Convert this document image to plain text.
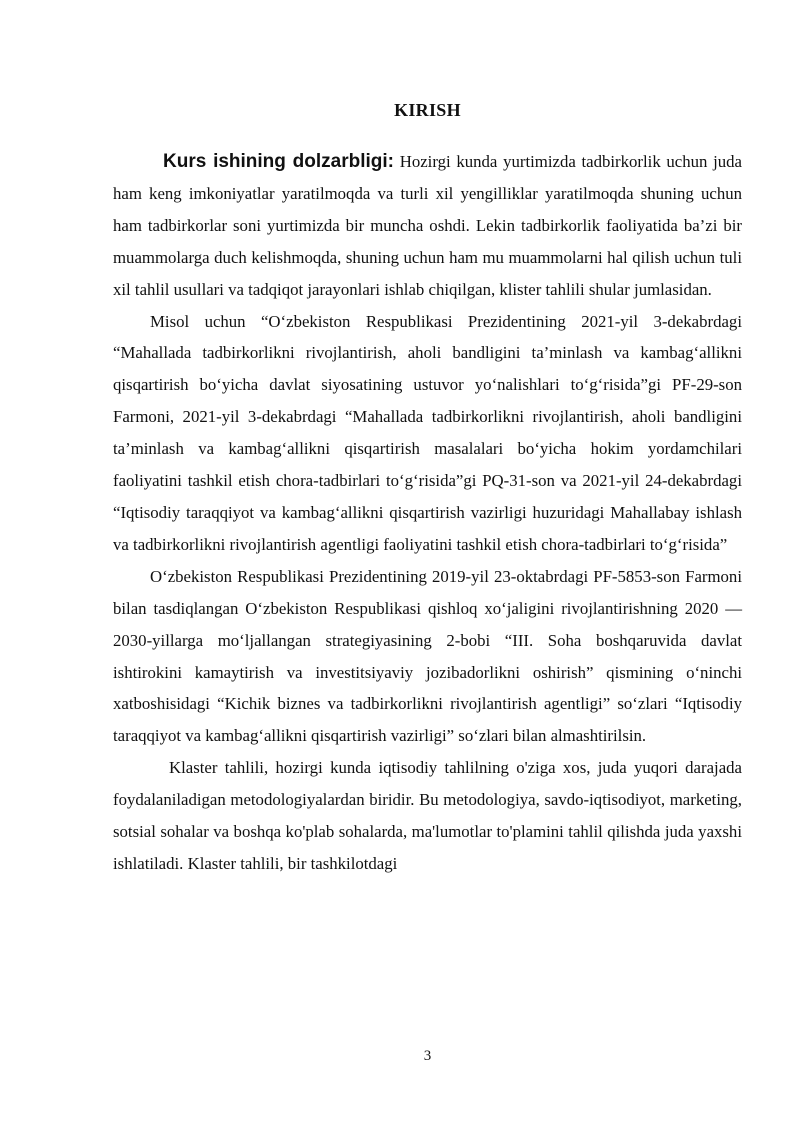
KIRISH

Kurs ishining dolzarbligi: Hozirgi kunda yurtimizda tadbirkorlik uchun juda ham keng imkoniyatlar yaratilmoqda va turli xil yengilliklar yaratilmoqda shuning uchun ham tadbirkorlar soni yurtimizda bir muncha oshdi. Lekin tadbirkorlik faoliyatida ba’zi bir muammolarga duch kelishmoqda, shuning uchun ham mu muammolarni hal qilish uchun tuli xil tahlil usullari va tadqiqot jarayonlari ishlab chiqilgan, klister tahlili shular jumlasidan.

Misol uchun “O‘zbekiston Respublikasi Prezidentining 2021-yil 3-dekabrdagi “Mahallada tadbirkorlikni rivojlantirish, aholi bandligini ta’minlash va kambag‘allikni qisqartirish bo‘yicha davlat siyosatining ustuvor yo‘nalishlari to‘g‘risida”gi PF-29-son Farmoni, 2021-yil 3-dekabrdagi “Mahallada tadbirkorlikni rivojlantirish, aholi bandligini ta’minlash va kambag‘allikni qisqartirish masalalari bo‘yicha hokim yordamchilari faoliyatini tashkil etish chora-tadbirlari to‘g‘risida”gi PQ-31-son va 2021-yil 24-dekabrdagi “Iqtisodiy taraqqiyot va kambag‘allikni qisqartirish vazirligi huzuridagi Mahallabay ishlash va tadbirkorlikni rivojlantirish agentligi faoliyatini tashkil etish chora-tadbirlari to‘g‘risida”

O‘zbekiston Respublikasi Prezidentining 2019-yil 23-oktabrdagi PF-5853-son Farmoni bilan tasdiqlangan O‘zbekiston Respublikasi qishloq xo‘jaligini rivojlantirishning 2020 — 2030-yillarga mo‘ljallangan strategiyasining 2-bobi “III. Soha boshqaruvida davlat ishtirokini kamaytirish va investitsiyaviy jozibadorlikni oshirish” qismining o‘ninchi xatboshisidagi “Kichik biznes va tadbirkorlikni rivojlantirish agentligi” so‘zlari “Iqtisodiy taraqqiyot va kambag‘allikni qisqartirish vazirligi” so‘zlari bilan almashtirilsin.

Klaster tahlili, hozirgi kunda iqtisodiy tahlilning o'ziga xos, juda yuqori darajada foydalaniladigan metodologiyalardan biridir. Bu metodologiya, savdo-iqtisodiyot, marketing, sotsial sohalar va boshqa ko'plab sohalarda, ma'lumotlar to'plamini tahlil qilishda juda yaxshi ishlatiladi. Klaster tahlili, bir tashkilotdagi

3
